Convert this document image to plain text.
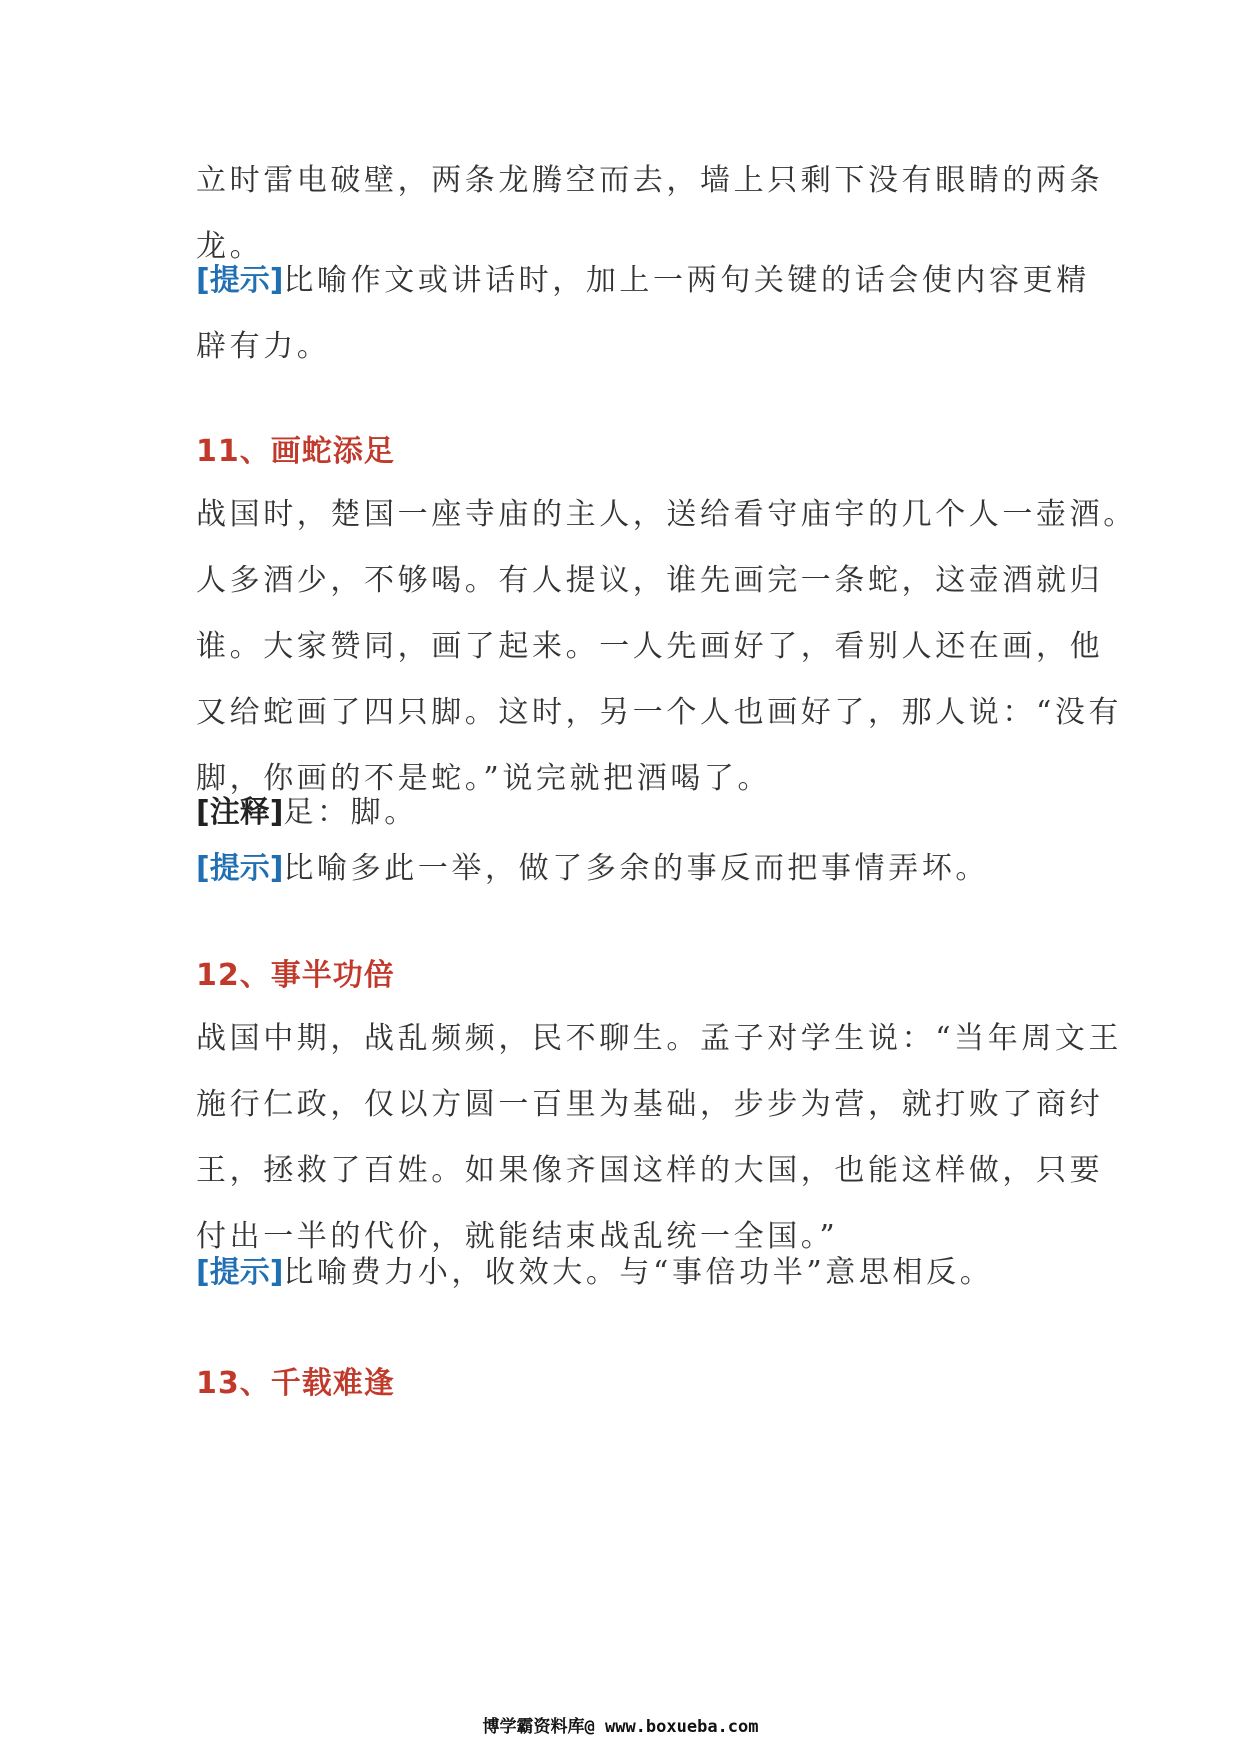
立时雷电破壁，两条龙腾空而去，墙上只剩下没有眼睛的两条
龙。
[提示]比喻作文或讲话时，加上一两句关键的话会使内容更精
辟有力。
11、画蛇添足
战国时，楚国一座寺庙的主人，送给看守庙宇的几个人一壶酒。
人多酒少，不够喝。有人提议，谁先画完一条蛇，这壶酒就归
谁。大家赞同，画了起来。一人先画好了，看别人还在画，他
又给蛇画了四只脚。这时，另一个人也画好了，那人说：“没有
脚，你画的不是蛇。”说完就把酒喝了。
[注释]足：脚。
[提示]比喻多此一举，做了多余的事反而把事情弄坏。
12、事半功倍
战国中期，战乱频频，民不聊生。孟子对学生说：“当年周文王
施行仁政，仅以方圆一百里为基础，步步为营，就打败了商纣
王，拯救了百姓。如果像齐国这样的大国，也能这样做，只要
付出一半的代价，就能结束战乱统一全国。”
[提示]比喻费力小，收效大。与“事倍功半”意思相反。
13、千载难逢
博学霸资料库@ www.boxueba.com
